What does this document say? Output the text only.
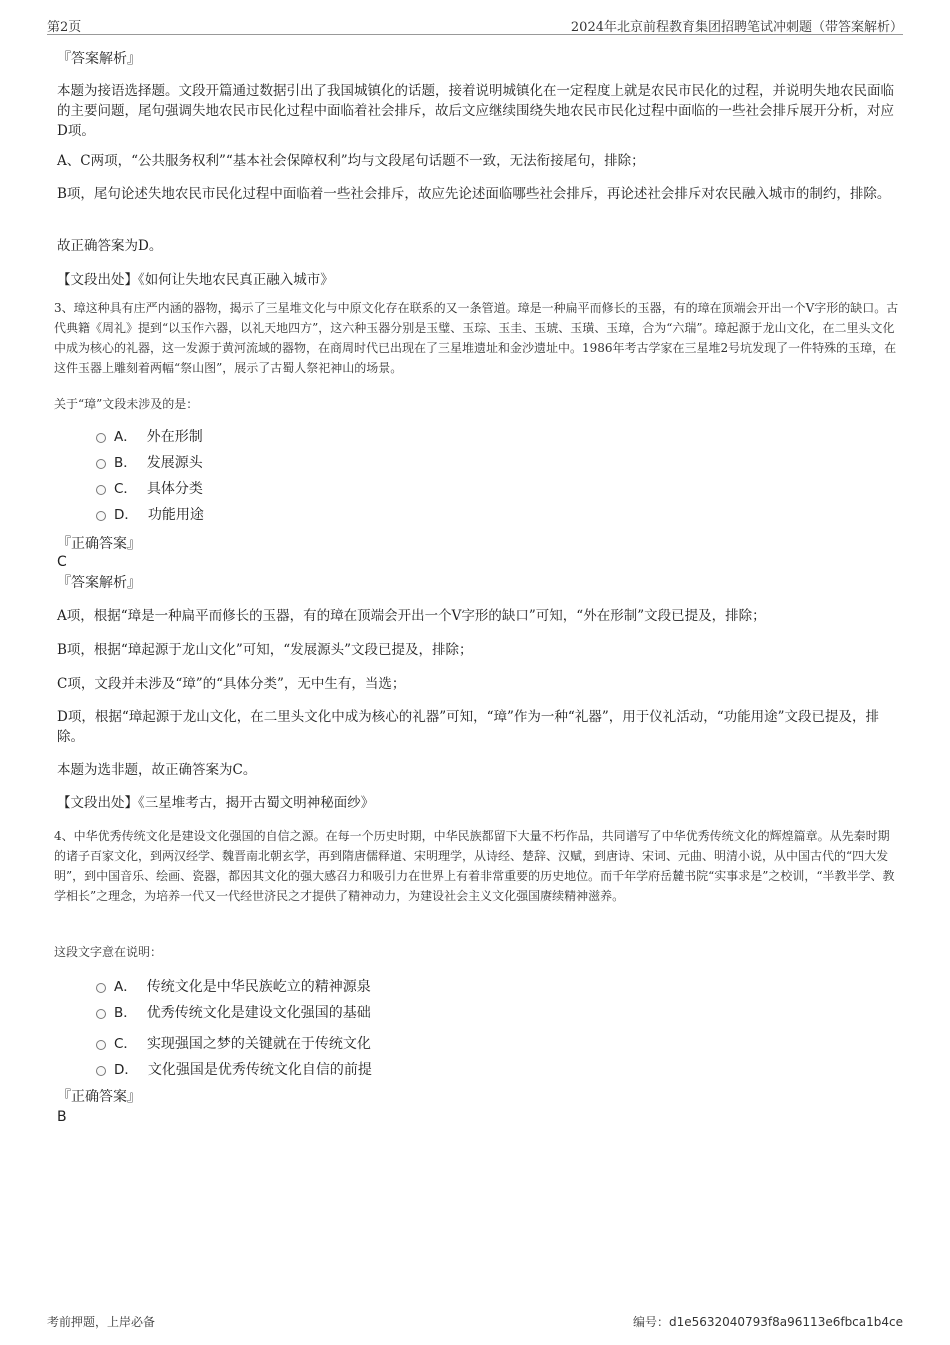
第2页	2024年北京前程教育集团招聘笔试冲刺题（带答案解析）
『答案解析』
本题为接语选择题。文段开篇通过数据引出了我国城镇化的话题，接着说明城镇化在一定程度上就是农民市民化的过程，并说明失地农民面临的主要问题，尾句强调失地农民市民化过程中面临着社会排斥，故后文应继续围绕失地农民市民化过程中面临的一些社会排斥展开分析，对应D项。
A、C两项，“公共服务权利”“基本社会保障权利”均与文段尾句话题不一致，无法衔接尾句，排除；
B项，尾句论述失地农民市民化过程中面临着一些社会排斥，故应先论述面临哪些社会排斥，再论述社会排斥对农民融入城市的制约，排除。
故正确答案为D。
【文段出处】《如何让失地农民真正融入城市》
3、璋这种具有庄严内涵的器物，揭示了三星堆文化与中原文化存在联系的又一条管道。璋是一种扁平而修长的玉器，有的璋在顶端会开出一个V字形的缺口。古代典籍《周礼》提到“以玉作六器，以礼天地四方”，这六种玉器分别是玉璧、玉琮、玉圭、玉琥、玉璜、玉璋，合为“六瑞”。璋起源于龙山文化，在二里头文化中成为核心的礼器，这一发源于黄河流域的器物，在商周时代已出现在了三星堆遗址和金沙遗址中。1986年考古学家在三星堆2号坑发现了一件特殊的玉璋，在这件玉器上雕刻着两幅“祭山图”，展示了古蜀人祭祀神山的场景。
关于“璋”文段未涉及的是：
A． 外在形制
B． 发展源头
C． 具体分类
D． 功能用途
『正确答案』
C
『答案解析』
A项，根据“璋是一种扁平而修长的玉器，有的璋在顶端会开出一个V字形的缺口”可知，“外在形制”文段已提及，排除；
B项，根据“璋起源于龙山文化”可知，“发展源头”文段已提及，排除；
C项，文段并未涉及“璋”的“具体分类”，无中生有，当选；
D项，根据“璋起源于龙山文化，在二里头文化中成为核心的礼器”可知，“璋”作为一种“礼器”，用于仪礼活动，“功能用途”文段已提及，排除。
本题为选非题，故正确答案为C。
【文段出处】《三星堆考古，揭开古蜀文明神秘面纱》
4、中华优秀传统文化是建设文化强国的自信之源。在每一个历史时期，中华民族都留下大量不朽作品，共同谱写了中华优秀传统文化的辉煌篇章。从先秦时期的诸子百家文化，到两汉经学、魏晋南北朝玄学，再到隋唐儒释道、宋明理学，从诗经、楚辞、汉赋，到唐诗、宋词、元曲、明清小说，从中国古代的“四大发明”，到中国音乐、绘画、瓷器，都因其文化的强大感召力和吸引力在世界上有着非常重要的历史地位。而千年学府岳麓书院“实事求是”之校训，“半教半学、教学相长”之理念，为培养一代又一代经世济民之才提供了精神动力，为建设社会主义文化强国赓续精神滋养。
这段文字意在说明：
A． 传统文化是中华民族屹立的精神源泉
B． 优秀传统文化是建设文化强国的基础
C． 实现强国之梦的关键就在于传统文化
D． 文化强国是优秀传统文化自信的前提
『正确答案』
B
考前押题，上岸必备	编号：d1e5632040793f8a96113e6fbca1b4ce
